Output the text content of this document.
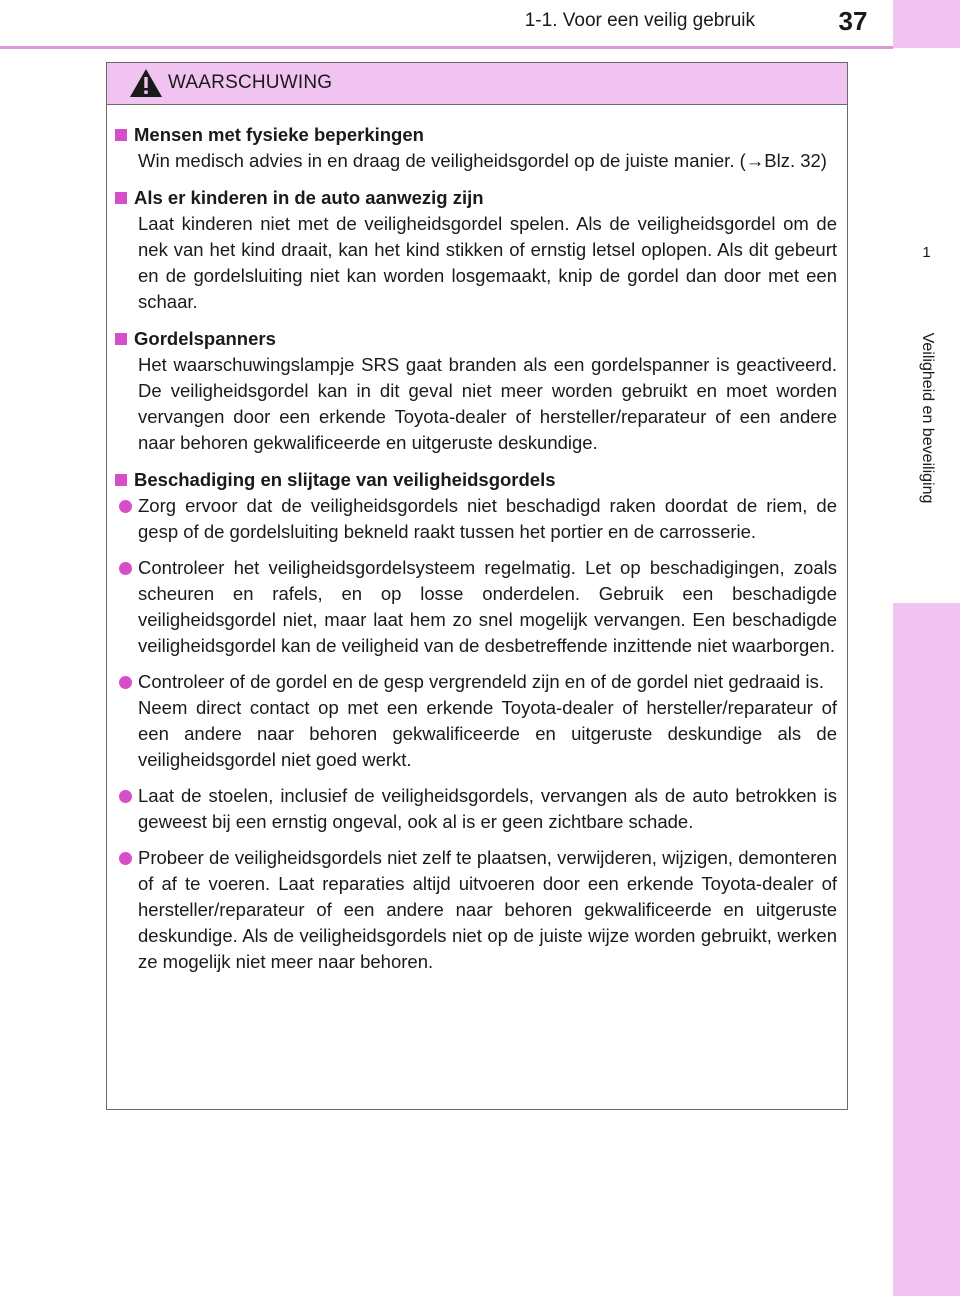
1-1. Voor een veilig gebruik	37
1
Veiligheid en beveiliging
WAARSCHUWING
Mensen met fysieke beperkingen
Win medisch advies in en draag de veiligheidsgordel op de juiste manier. (→Blz. 32)
Als er kinderen in de auto aanwezig zijn
Laat kinderen niet met de veiligheidsgordel spelen. Als de veiligheidsgordel om de nek van het kind draait, kan het kind stikken of ernstig letsel oplopen. Als dit gebeurt en de gordelsluiting niet kan worden losgemaakt, knip de gordel dan door met een schaar.
Gordelspanners
Het waarschuwingslampje SRS gaat branden als een gordelspanner is geactiveerd. De veiligheidsgordel kan in dit geval niet meer worden gebruikt en moet worden vervangen door een erkende Toyota-dealer of hersteller/reparateur of een andere naar behoren gekwalificeerde en uitgeruste deskundige.
Beschadiging en slijtage van veiligheidsgordels
Zorg ervoor dat de veiligheidsgordels niet beschadigd raken doordat de riem, de gesp of de gordelsluiting bekneld raakt tussen het portier en de carrosserie.
Controleer het veiligheidsgordelsysteem regelmatig. Let op beschadigingen, zoals scheuren en rafels, en op losse onderdelen. Gebruik een beschadigde veiligheidsgordel niet, maar laat hem zo snel mogelijk vervangen. Een beschadigde veiligheidsgordel kan de veiligheid van de desbetreffende inzittende niet waarborgen.
Controleer of de gordel en de gesp vergrendeld zijn en of de gordel niet gedraaid is.
Neem direct contact op met een erkende Toyota-dealer of hersteller/reparateur of een andere naar behoren gekwalificeerde en uitgeruste deskundige als de veiligheidsgordel niet goed werkt.
Laat de stoelen, inclusief de veiligheidsgordels, vervangen als de auto betrokken is geweest bij een ernstig ongeval, ook al is er geen zichtbare schade.
Probeer de veiligheidsgordels niet zelf te plaatsen, verwijderen, wijzigen, demonteren of af te voeren. Laat reparaties altijd uitvoeren door een erkende Toyota-dealer of hersteller/reparateur of een andere naar behoren gekwalificeerde en uitgeruste deskundige. Als de veiligheidsgordels niet op de juiste wijze worden gebruikt, werken ze mogelijk niet meer naar behoren.
